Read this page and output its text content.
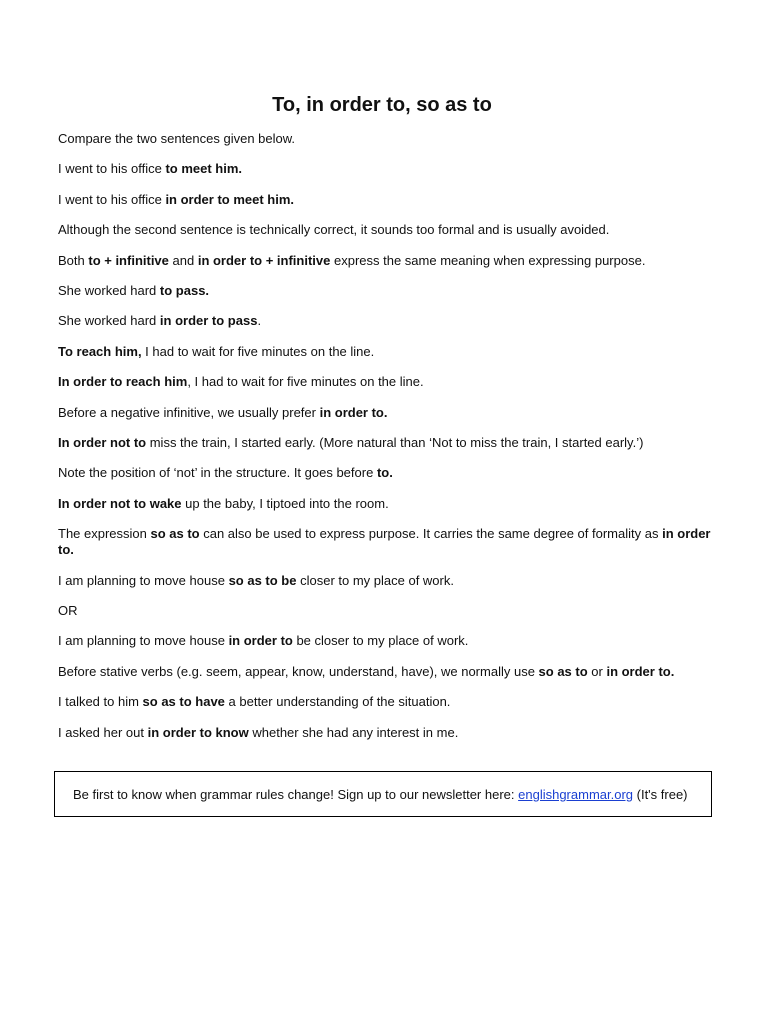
To, in order to, so as to

Compare the two sentences given below.

I went to his office to meet him.

I went to his office in order to meet him.

Although the second sentence is technically correct, it sounds too formal and is usually avoided.

Both to + infinitive and in order to + infinitive express the same meaning when expressing purpose.

She worked hard to pass.

She worked hard in order to pass.

To reach him, I had to wait for five minutes on the line.

In order to reach him, I had to wait for five minutes on the line.

Before a negative infinitive, we usually prefer in order to.

In order not to miss the train, I started early. (More natural than ‘Not to miss the train, I started early.’)

Note the position of ‘not’ in the structure. It goes before to.

In order not to wake up the baby, I tiptoed into the room.

The expression so as to can also be used to express purpose. It carries the same degree of formality as in order to.

I am planning to move house so as to be closer to my place of work.

OR

I am planning to move house in order to be closer to my place of work.

Before stative verbs (e.g. seem, appear, know, understand, have), we normally use so as to or in order to.

I talked to him so as to have a better understanding of the situation.

I asked her out in order to know whether she had any interest in me.

Be first to know when grammar rules change! Sign up to our newsletter here: englishgrammar.org (It's free)
